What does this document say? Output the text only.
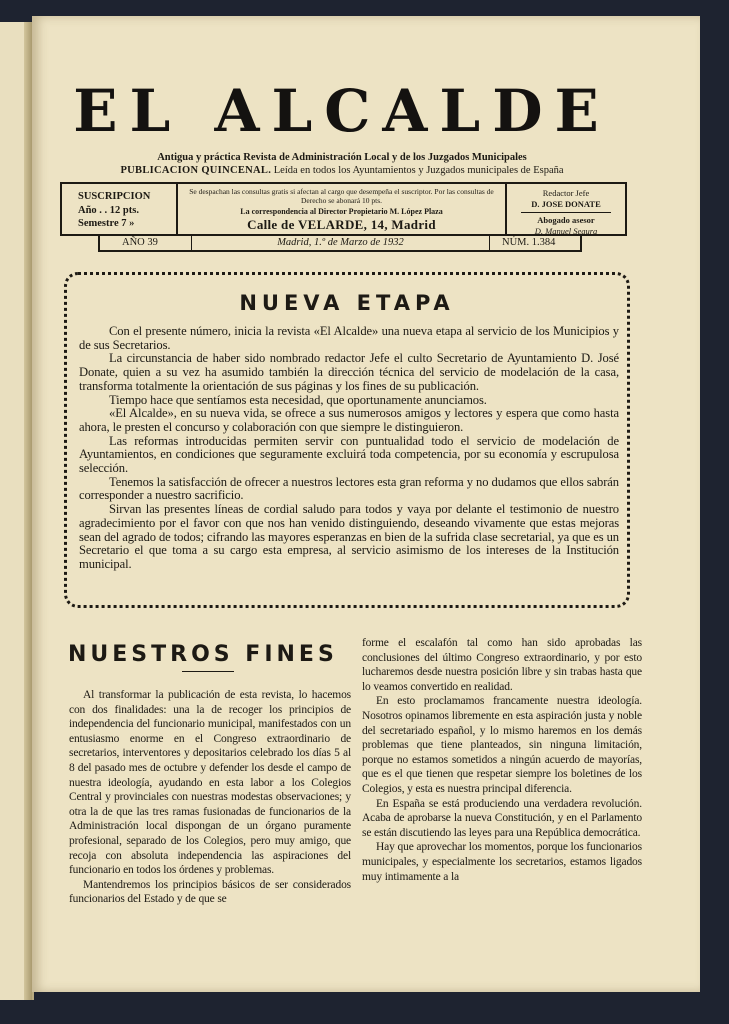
EL ALCALDE
Antigua y práctica Revista de Administración Local y de los Juzgados Municipales
PUBLICACION QUINCENAL. Leída en todos los Ayuntamientos y Juzgados municipales de España
SUSCRIPCION
Año . . 12 pts.
Semestre 7 »
Se despachan las consultas gratis si afectan al cargo que desempeña el suscriptor. Por las consultas de Derecho se abonará 10 pts.
La correspondencia al Director Propietario M. López Plaza
Calle de VELARDE, 14, Madrid
Redactor Jefe
D. JOSE DONATE
Abogado asesor
D. Manuel Segura
AÑO 39	Madrid, 1.º de Marzo de 1932	NÚM. 1.384
NUEVA ETAPA

Con el presente número, inicia la revista «El Alcalde» una nueva etapa al servicio de los Municipios y de sus Secretarios.

La circunstancia de haber sido nombrado redactor Jefe el culto Secretario de Ayuntamiento D. José Donate, quien a su vez ha asumido también la dirección técnica del servicio de modelación de la casa, transforma totalmente la orientación de sus páginas y los fines de su publicación.

Tiempo hace que sentíamos esta necesidad, que oportunamente anunciamos.

«El Alcalde», en su nueva vida, se ofrece a sus numerosos amigos y lectores y espera que como hasta ahora, le presten el concurso y colaboración con que siempre le distinguieron.

Las reformas introducidas permiten servir con puntualidad todo el servicio de modelación de Ayuntamientos, en condiciones que seguramente excluirá toda competencia, por su economía y escrupulosa selección.

Tenemos la satisfacción de ofrecer a nuestros lectores esta gran reforma y no dudamos que ellos sabrán corresponder a nuestro sacrificio.

Sirvan las presentes líneas de cordial saludo para todos y vaya por delante el testimonio de nuestro agradecimiento por el favor con que nos han venido distinguiendo, deseando vivamente que estas mejoras sean del agrado de todos; cifrando las mayores esperanzas en bien de la sufrida clase secretarial, ya que es un Secretario el que toma a su cargo esta empresa, al servicio asimismo de los intereses de la Institución municipal.

NUESTROS FINES

Al transformar la publicación de esta revista, lo hacemos con dos finalidades: una la de recoger los principios de independencia del funcionario municipal, manifestados con un entusiasmo enorme en el Congreso extraordinario de secretarios, interventores y depositarios celebrado los días 5 al 8 del pasado mes de octubre y defender los desde el campo de nuestra ideología, ayudando en esta labor a los Colegios Central y provinciales con nuestras modestas observaciones; y otra la de que las tres ramas fusionadas de funcionarios de la Administración local dispongan de un órgano puramente profesional, separado de los Colegios, pero muy amigo, que recoja con absoluta independencia las aspiraciones del funcionario en todos los órdenes y problemas.

Mantendremos los principios básicos de ser considerados funcionarios del Estado y de que se

forme el escalafón tal como han sido aprobadas las conclusiones del último Congreso extraordinario, y por esto lucharemos desde nuestra posición libre y sin trabas hasta que lo veamos convertido en realidad.

En esto proclamamos francamente nuestra ideología. Nosotros opinamos libremente en esta aspiración justa y noble del secretariado español, y lo mismo haremos en los demás problemas que tiene planteados, sin ninguna limitación, porque no estamos sometidos a ningún acuerdo de mayorías, que es el que tienen que respetar siempre los boletines de los Colegios, y esta es nuestra principal diferencia.

En España se está produciendo una verdadera revolución. Acaba de aprobarse la nueva Constitución, y en el Parlamento se están discutiendo las leyes para una República democrática.

Hay que aprovechar los momentos, porque los funcionarios municipales, y especialmente los secretarios, estamos ligados muy intimamente a la
